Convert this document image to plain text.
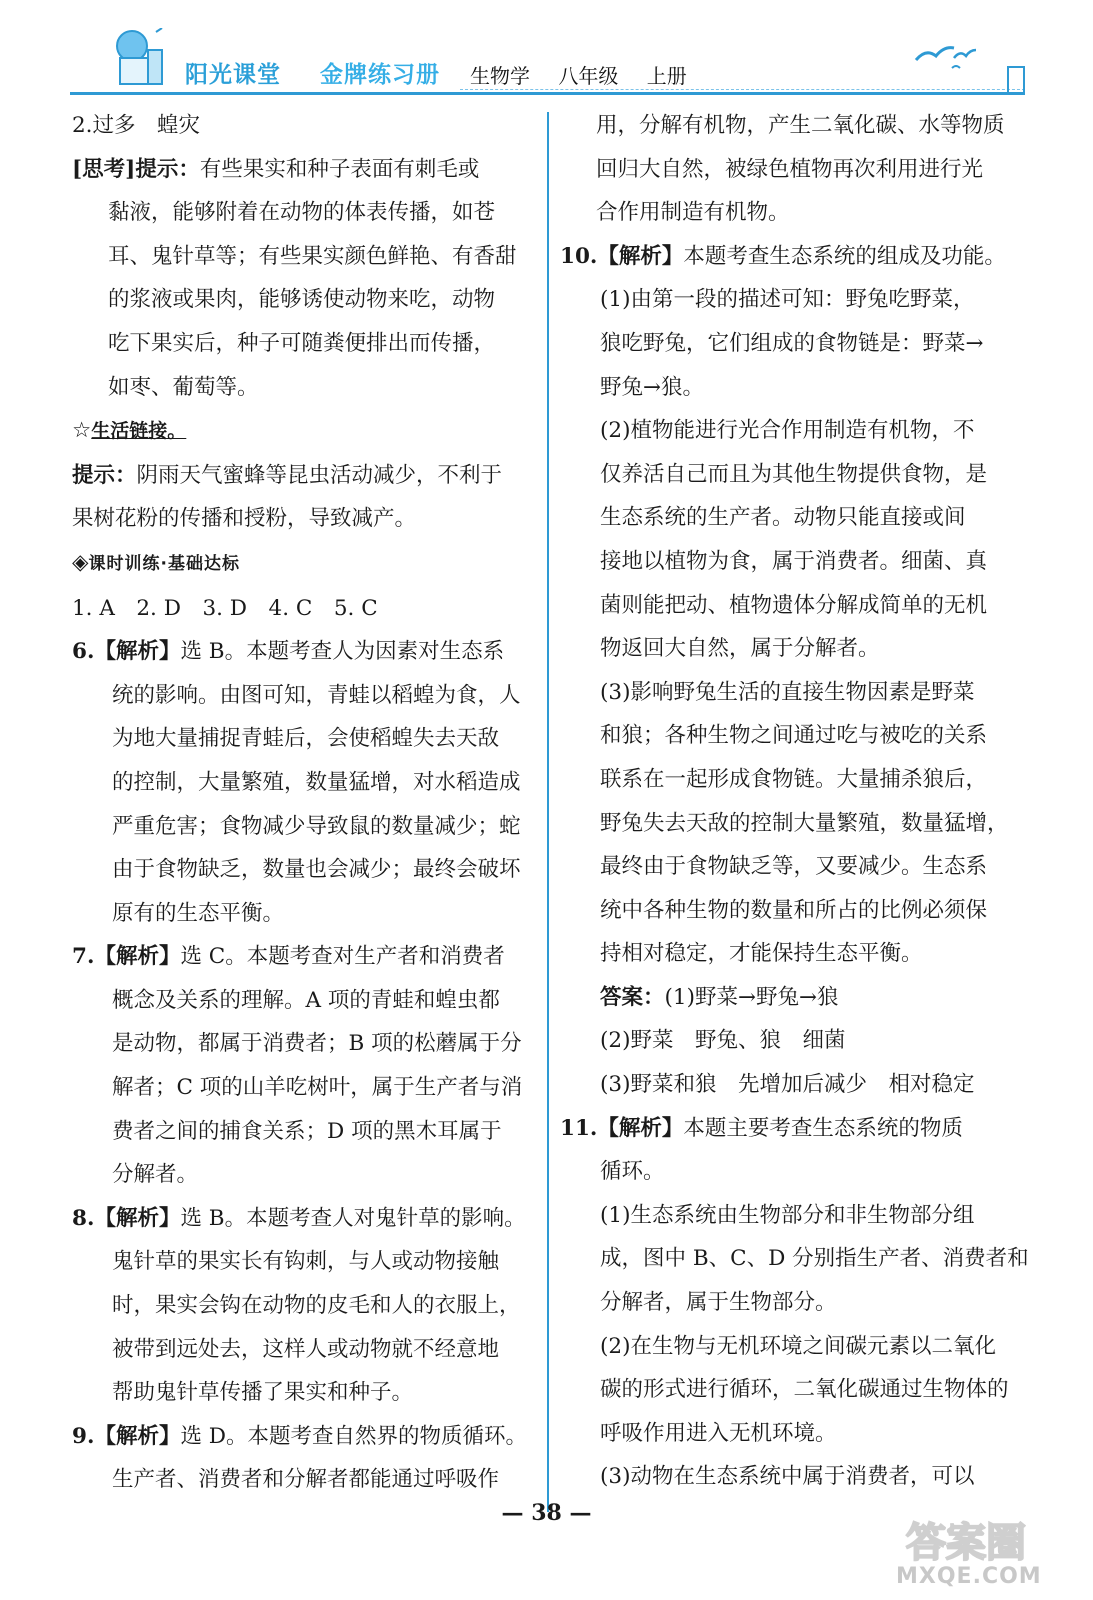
阳光课堂 金牌练习册 生物学 八年级 上册
2.过多　蝗灾
[思考]提示：有些果实和种子表面有刺毛或
黏液，能够附着在动物的体表传播，如苍
耳、鬼针草等；有些果实颜色鲜艳、有香甜
的浆液或果肉，能够诱使动物来吃，动物
吃下果实后，种子可随粪便排出而传播，
如枣、葡萄等。
☆生活链接。
提示：阴雨天气蜜蜂等昆虫活动减少，不利于
果树花粉的传播和授粉，导致减产。
◈课时训练·基础达标
1. A　2. D　3. D　4. C　5. C
6.【解析】选 B。本题考查人为因素对生态系
统的影响。由图可知，青蛙以稻蝗为食，人
为地大量捕捉青蛙后，会使稻蝗失去天敌
的控制，大量繁殖，数量猛增，对水稻造成
严重危害；食物减少导致鼠的数量减少；蛇
由于食物缺乏，数量也会减少；最终会破坏
原有的生态平衡。
7.【解析】选 C。本题考查对生产者和消费者
概念及关系的理解。A 项的青蛙和蝗虫都
是动物，都属于消费者；B 项的松蘑属于分
解者；C 项的山羊吃树叶，属于生产者与消
费者之间的捕食关系；D 项的黑木耳属于
分解者。
8.【解析】选 B。本题考查人对鬼针草的影响。
鬼针草的果实长有钩刺，与人或动物接触
时，果实会钩在动物的皮毛和人的衣服上，
被带到远处去，这样人或动物就不经意地
帮助鬼针草传播了果实和种子。
9.【解析】选 D。本题考查自然界的物质循环。
生产者、消费者和分解者都能通过呼吸作
用，分解有机物，产生二氧化碳、水等物质
回归大自然，被绿色植物再次利用进行光
合作用制造有机物。
10.【解析】本题考查生态系统的组成及功能。
(1)由第一段的描述可知：野兔吃野菜，
狼吃野兔，它们组成的食物链是：野菜→
野兔→狼。
(2)植物能进行光合作用制造有机物，不
仅养活自己而且为其他生物提供食物，是
生态系统的生产者。动物只能直接或间
接地以植物为食，属于消费者。细菌、真
菌则能把动、植物遗体分解成简单的无机
物返回大自然，属于分解者。
(3)影响野兔生活的直接生物因素是野菜
和狼；各种生物之间通过吃与被吃的关系
联系在一起形成食物链。大量捕杀狼后，
野兔失去天敌的控制大量繁殖，数量猛增，
最终由于食物缺乏等，又要减少。生态系
统中各种生物的数量和所占的比例必须保
持相对稳定，才能保持生态平衡。
答案：(1)野菜→野兔→狼
(2)野菜　野兔、狼　细菌
(3)野菜和狼　先增加后减少　相对稳定
11.【解析】本题主要考查生态系统的物质
循环。
(1)生态系统由生物部分和非生物部分组
成，图中 B、C、D 分别指生产者、消费者和
分解者，属于生物部分。
(2)在生物与无机环境之间碳元素以二氧化
碳的形式进行循环，二氧化碳通过生物体的
呼吸作用进入无机环境。
(3)动物在生态系统中属于消费者，可以
— 38 —
答案圈
MXQE.COM
